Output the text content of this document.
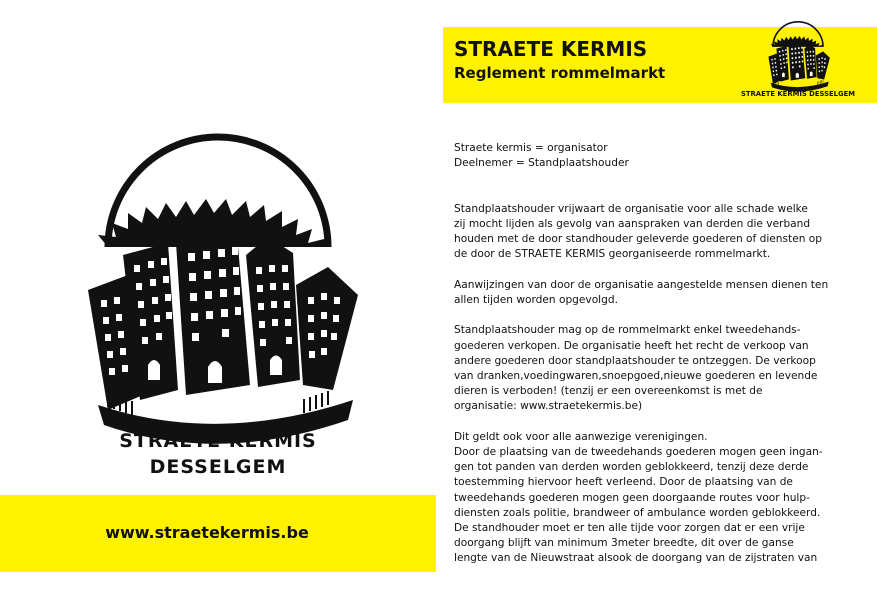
STRAETE KERMIS
DESSELGEM
www.straetekermis.be
STRAETE KERMIS
Reglement rommelmarkt
STRAETE KERMIS DESSELGEM

Straete kermis = organisator
Deelnemer = Standplaatshouder

Standplaatshouder vrijwaart de organisatie voor alle schade welke
zij mocht lijden als gevolg van aanspraken van derden die verband
houden met de door standhouder geleverde goederen of diensten op
de door de STRAETE KERMIS georganiseerde rommelmarkt.

Aanwijzingen van door de organisatie aangestelde mensen dienen ten
allen tijden worden opgevolgd.

Standplaatshouder mag op de rommelmarkt enkel tweedehands-
goederen verkopen. De organisatie heeft het recht de verkoop van
andere goederen door standplaatshouder te ontzeggen. De verkoop
van dranken,voedingwaren,snoepgoed,nieuwe goederen en levende
dieren is verboden! (tenzij er een overeenkomst is met de
organisatie: www.straetekermis.be)

Dit geldt ook voor alle aanwezige verenigingen.
Door de plaatsing van de tweedehands goederen mogen geen ingan-
gen tot panden van derden worden geblokkeerd, tenzij deze derde
toestemming hiervoor heeft verleend. Door de plaatsing van de
tweedehands goederen mogen geen doorgaande routes voor hulp-
diensten zoals politie, brandweer of ambulance worden geblokkeerd.
De standhouder moet er ten alle tijde voor zorgen dat er een vrije
doorgang blijft van minimum 3meter breedte, dit over de ganse
lengte van de Nieuwstraat alsook de doorgang van de zijstraten van
